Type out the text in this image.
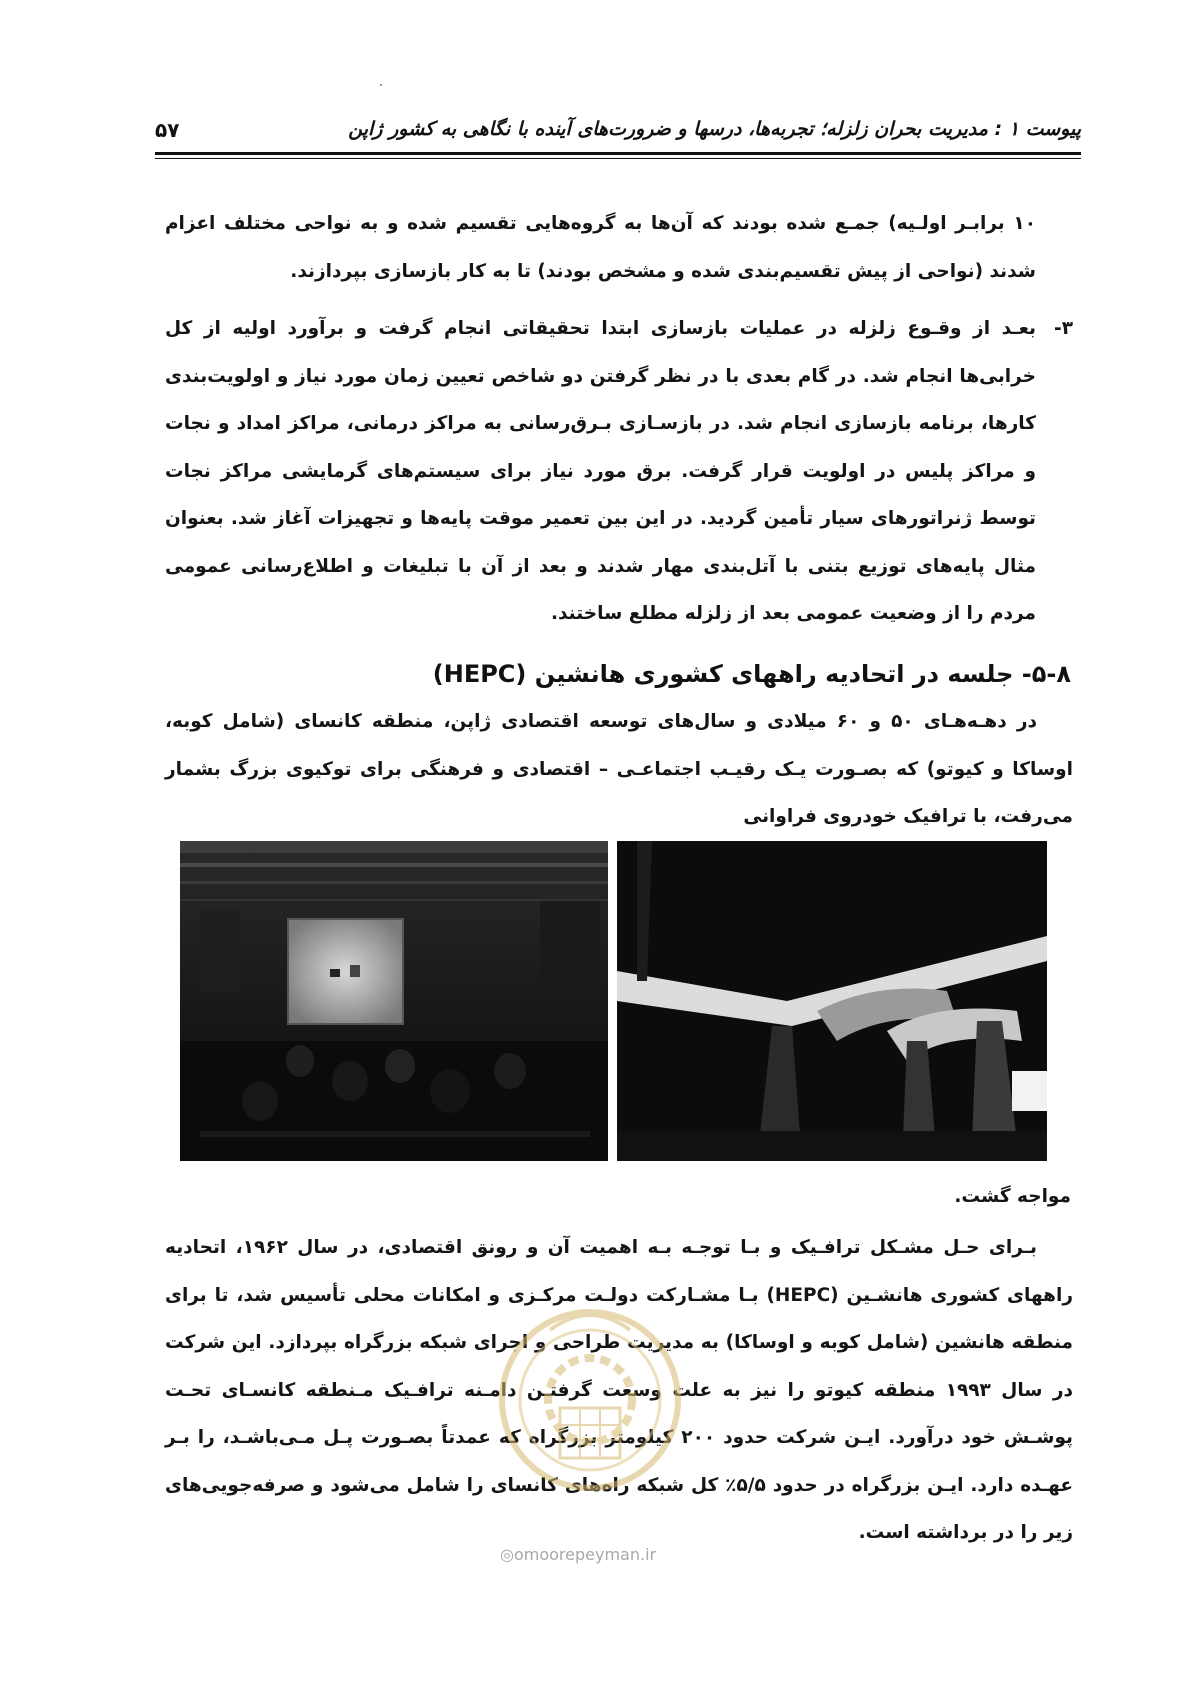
پیوست ۱ : مدیریت بحران زلزله؛ تجربه‌ها، درسها و ضرورت‌های آینده با نگاهی به کشور ژاپن
۵۷
۱۰ برابـر اولـیه) جمـع شده بودند که آن‌ها به گروه‌هایی تقسیم شده و به نواحی مختلف اعزام شدند (نواحی از پیش تقسیم‌بندی شده و مشخص بودند) تا به کار بازسازی بپردازند.
۳-
بعـد از وقـوع زلزله در عملیات بازسازی ابتدا تحقیقاتی انجام گرفت و برآورد اولیه از کل خرابی‌ها انجام شد. در گام بعدی با در نظر گرفتن دو شاخص تعیین زمان مورد نیاز و اولویت‌بندی کارها، برنامه بازسازی انجام شد. در بازسـازی بـرق‌رسانی به مراکز درمانی، مراکز امداد و نجات و مراکز پلیس در اولویت قرار گرفت. برق مورد نیاز برای سیستم‌های گرمایشی مراکز نجات توسط ژنراتورهای سیار تأمین گردید. در این بین تعمیر موقت پایه‌ها و تجهیزات آغاز شد. بعنوان مثال پایه‌های توزیع بتنی با آتل‌بندی مهار شدند و بعد از آن با تبلیغات و اطلاع‌رسانی عمومی مردم را از وضعیت عمومی بعد از زلزله مطلع ساختند.
۵-۸- جلسه در اتحادیه راههای کشوری هانشین (HEPC)
در دهـه‌هـای ۵۰ و ۶۰ میلادی و سال‌های توسعه اقتصادی ژاپن، منطقه کانسای (شامل کوبه، اوساکا و کیوتو) که بصـورت یـک رقیـب اجتماعـی – اقتصادی و فرهنگی برای توکیوی بزرگ بشمار می‌رفت، با ترافیک خودروی فراوانی
مواجه گشت.
بـرای حـل مشـکل ترافـیک و بـا توجـه بـه اهمیت آن و رونق اقتصادی، در سال ۱۹۶۲، اتحادیه راههای کشوری هانشـین (HEPC) بـا مشـارکت دولـت مرکـزی و امکانات محلی تأسیس شد، تا برای منطقه هانشین (شامل کوبه و اوساکا) به مدیریت طراحی و اجرای شبکه بزرگراه بپردازد. این شرکت در سال ۱۹۹۳ منطقه کیوتو را نیز به علت وسعت گرفتـن دامـنه ترافـیک مـنطقه کانسـای تحـت پوشـش خود درآورد. ایـن شرکت حدود ۲۰۰ کیلومتر بزرگراه که عمدتاً بصـورت پـل مـی‌باشـد، را بـر عهـده دارد. ایـن بزرگراه در حدود ۵/۵٪ کل شبکه راه‌های کانسای را شامل می‌شود و صرفه‌جویی‌های زیر را در برداشته است.
◎omoorepeyman.ir
